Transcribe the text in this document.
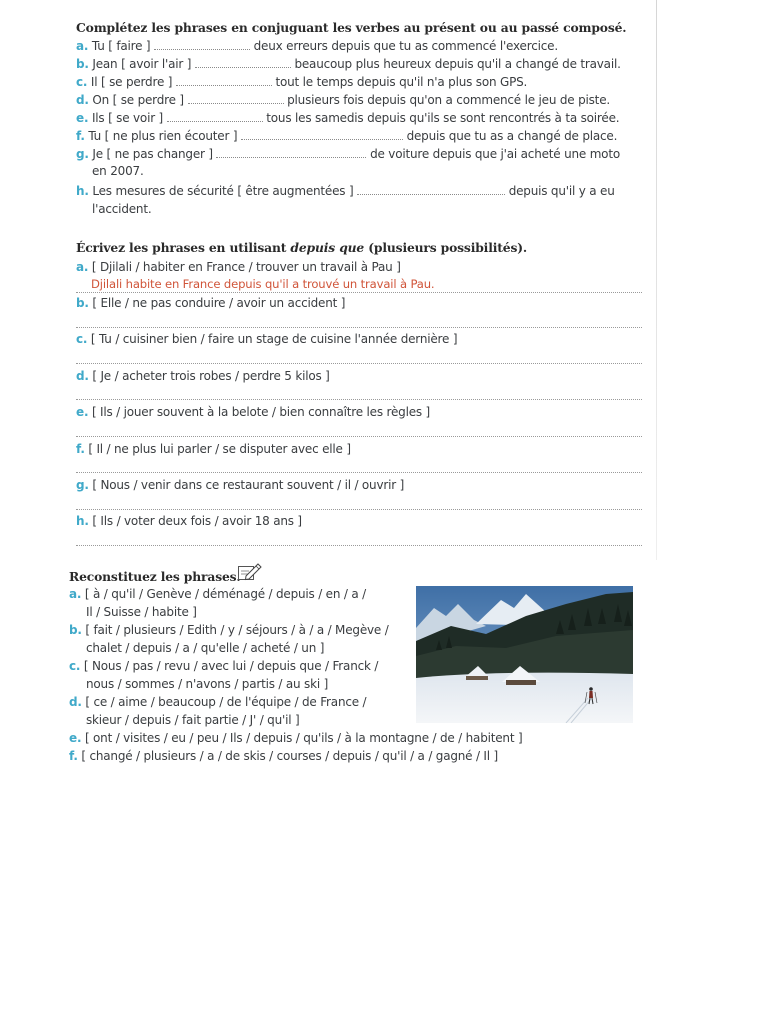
Complétez les phrases en conjuguant les verbes au présent ou au passé composé.
a. Tu [ faire ]	deux erreurs depuis que tu as commencé l'exercice.
b. Jean [ avoir l'air ]	beaucoup plus heureux depuis qu'il a changé de travail.
c. Il [ se perdre ]	tout le temps depuis qu'il n'a plus son GPS.
d. On [ se perdre ]	plusieurs fois depuis qu'on a commencé le jeu de piste.
e. Ils [ se voir ]	tous les samedis depuis qu'ils se sont rencontrés à ta soirée.
f. Tu [ ne plus rien écouter ]	depuis que tu as a changé de place.
g. Je [ ne pas changer ]	de voiture depuis que j'ai acheté une moto
en 2007.
h. Les mesures de sécurité [ être augmentées ]	depuis qu'il y a eu
l'accident.
Écrivez les phrases en utilisant depuis que (plusieurs possibilités).
a. [ Djilali / habiter en France / trouver un travail à Pau ]
Djilali habite en France depuis qu'il a trouvé un travail à Pau.
b. [ Elle / ne pas conduire / avoir un accident ]
c. [ Tu / cuisiner bien / faire un stage de cuisine l'année dernière ]
d. [ Je / acheter trois robes / perdre 5 kilos ]
e. [ Ils / jouer souvent à la belote / bien connaître les règles ]
f. [ Il / ne plus lui parler / se disputer avec elle ]
g. [ Nous / venir dans ce restaurant souvent / il / ouvrir ]
h. [ Ils / voter deux fois / avoir 18 ans ]
Reconstituez les phrases.
a. [ à / qu'il / Genève / déménagé / depuis / en / a /
Il / Suisse / habite ]
b. [ fait / plusieurs / Edith / y / séjours / à / a / Megève /
chalet / depuis / a / qu'elle / acheté / un ]
c. [ Nous / pas / revu / avec lui / depuis que / Franck /
nous / sommes / n'avons / partis / au ski ]
d. [ ce / aime / beaucoup / de l'équipe / de France /
skieur / depuis / fait partie / J' / qu'il ]
e. [ ont / visites / eu / peu / Ils / depuis / qu'ils / à la montagne / de / habitent ]
f. [ changé / plusieurs / a / de skis / courses / depuis / qu'il / a / gagné / Il ]
